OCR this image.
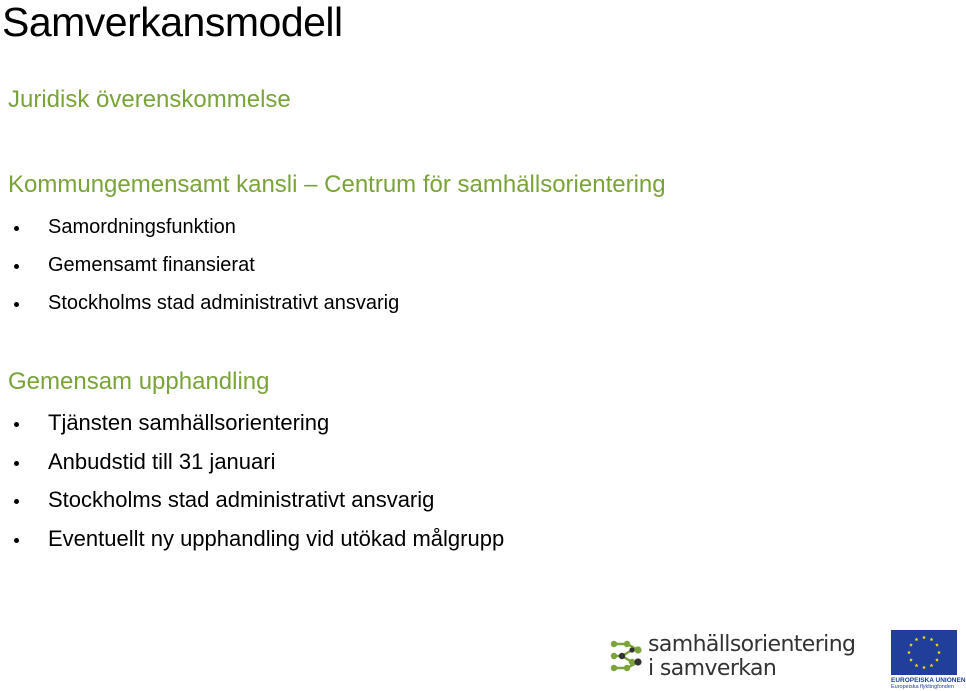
Samverkansmodell
Juridisk överenskommelse
Kommungemensamt kansli – Centrum för samhällsorientering
Samordningsfunktion
Gemensamt finansierat
Stockholms stad administrativt ansvarig
Gemensam upphandling
Tjänsten samhällsorientering
Anbudstid till 31 januari
Stockholms stad administrativt ansvarig
Eventuellt ny upphandling vid utökad målgrupp
samhällsorientering
i samverkan	EUROPEISKA UNIONEN
Europeiska flyktingfonden
